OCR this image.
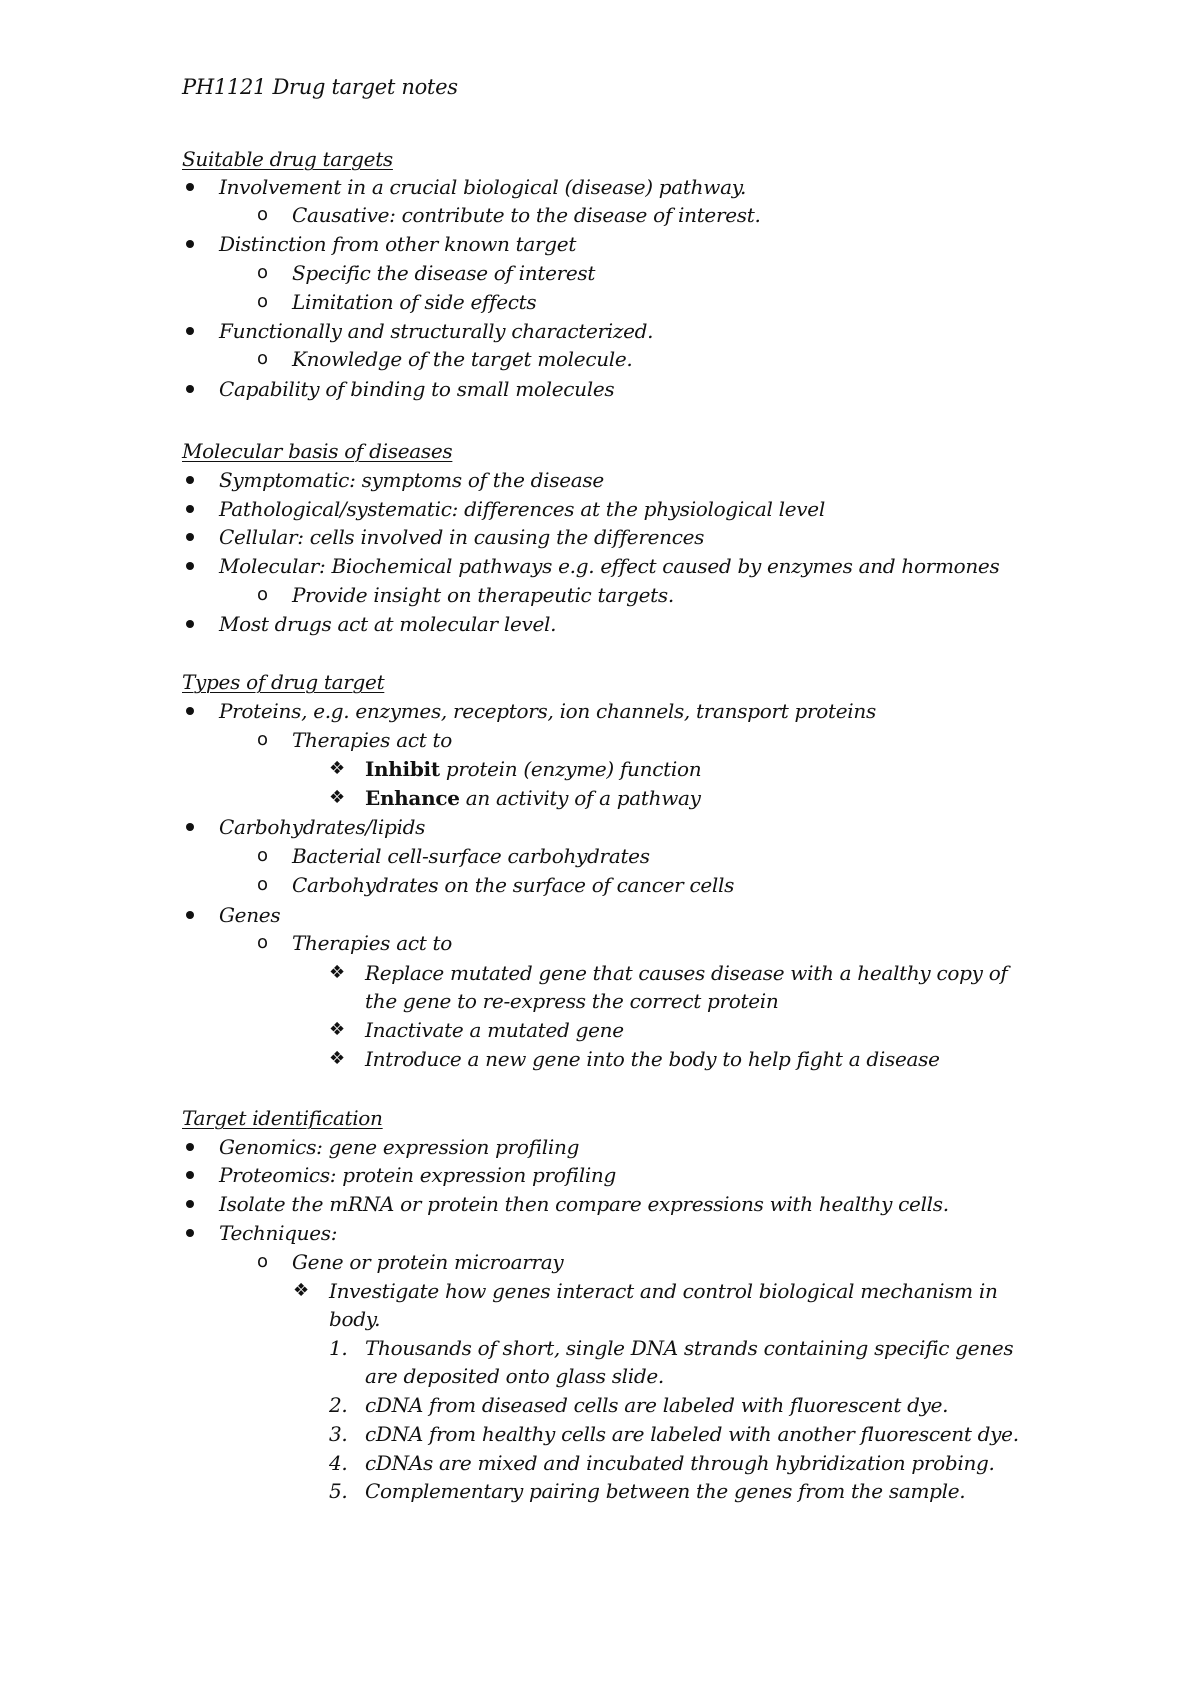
PH1121 Drug target notes
Suitable drug targets
Involvement in a crucial biological (disease) pathway.
o Causative: contribute to the disease of interest.
Distinction from other known target
o Specific the disease of interest
o Limitation of side effects
Functionally and structurally characterized.
o Knowledge of the target molecule.
Capability of binding to small molecules
Molecular basis of diseases
Symptomatic: symptoms of the disease
Pathological/systematic: differences at the physiological level
Cellular: cells involved in causing the differences
Molecular: Biochemical pathways e.g. effect caused by enzymes and hormones
o Provide insight on therapeutic targets.
Most drugs act at molecular level.
Types of drug target
Proteins, e.g. enzymes, receptors, ion channels, transport proteins
o Therapies act to
❖ Inhibit protein (enzyme) function
❖ Enhance an activity of a pathway
Carbohydrates/lipids
o Bacterial cell-surface carbohydrates
o Carbohydrates on the surface of cancer cells
Genes
o Therapies act to
❖ Replace mutated gene that causes disease with a healthy copy of
the gene to re-express the correct protein
❖ Inactivate a mutated gene
❖ Introduce a new gene into the body to help fight a disease
Target identification
Genomics: gene expression profiling
Proteomics: protein expression profiling
Isolate the mRNA or protein then compare expressions with healthy cells.
Techniques:
o Gene or protein microarray
❖ Investigate how genes interact and control biological mechanism in
body.
1. Thousands of short, single DNA strands containing specific genes
are deposited onto glass slide.
2. cDNA from diseased cells are labeled with fluorescent dye.
3. cDNA from healthy cells are labeled with another fluorescent dye.
4. cDNAs are mixed and incubated through hybridization probing.
5. Complementary pairing between the genes from the sample.
